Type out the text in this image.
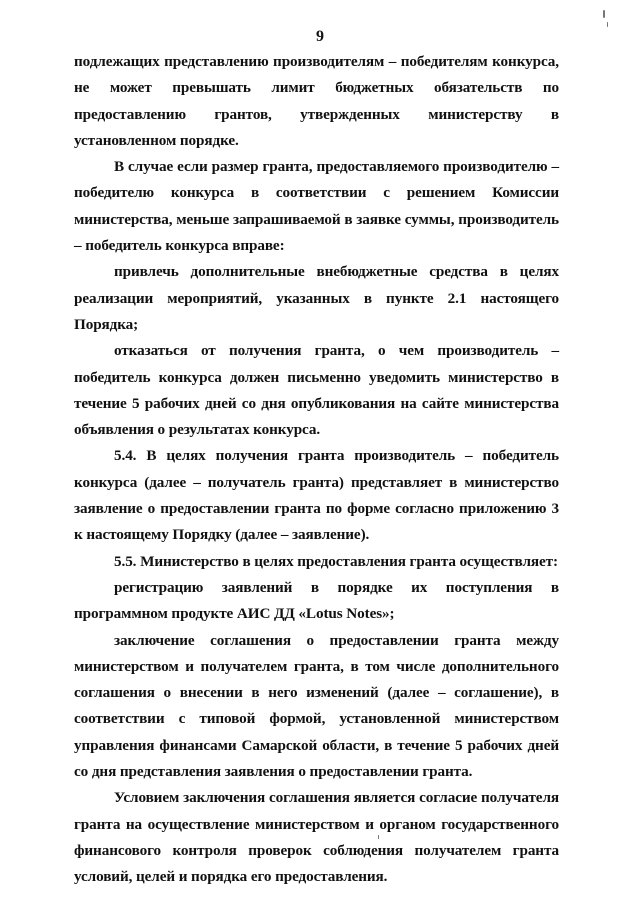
9

подлежащих представлению производителям – победителям конкурса, не может превышать лимит бюджетных обязательств по предоставлению грантов, утвержденных министерству в установленном порядке.

В случае если размер гранта, предоставляемого производителю – победителю конкурса в соответствии с решением Комиссии министерства, меньше запрашиваемой в заявке суммы, производитель – победитель конкурса вправе:

привлечь дополнительные внебюджетные средства в целях реализации мероприятий, указанных в пункте 2.1 настоящего Порядка;

отказаться от получения гранта, о чем производитель – победитель конкурса должен письменно уведомить министерство в течение 5 рабочих дней со дня опубликования на сайте министерства объявления о результатах конкурса.

5.4. В целях получения гранта производитель – победитель конкурса (далее – получатель гранта) представляет в министерство заявление о предоставлении гранта по форме согласно приложению 3 к настоящему Порядку (далее – заявление).

5.5. Министерство в целях предоставления гранта осуществляет:

регистрацию заявлений в порядке их поступления в программном продукте АИС ДД «Lotus Notes»;

заключение соглашения о предоставлении гранта между министерством и получателем гранта, в том числе дополнительного соглашения о внесении в него изменений (далее – соглашение), в соответствии с типовой формой, установленной министерством управления финансами Самарской области, в течение 5 рабочих дней со дня представления заявления о предоставлении гранта.

Условием заключения соглашения является согласие получателя гранта на осуществление министерством и органом государственного финансового контроля проверок соблюдения получателем гранта условий, целей и порядка его предоставления.
